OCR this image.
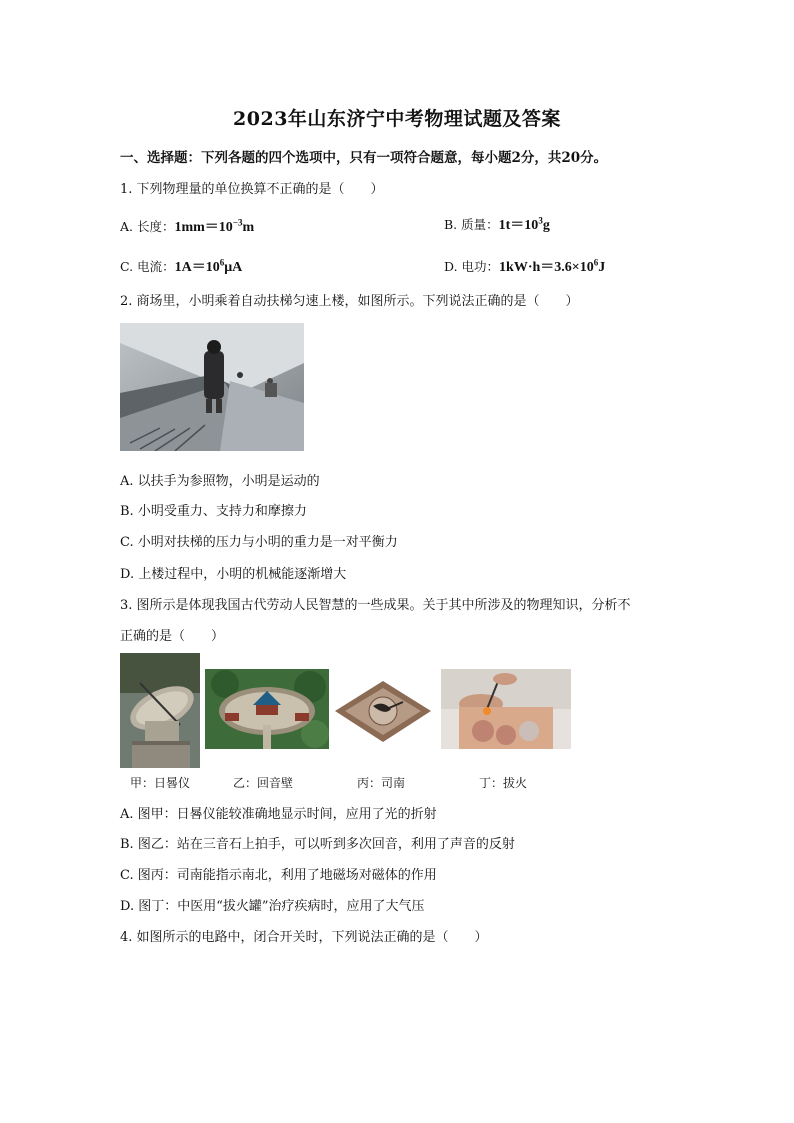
2023年山东济宁中考物理试题及答案
一、选择题：下列各题的四个选项中，只有一项符合题意，每小题2分，共20分。
1. 下列物理量的单位换算不正确的是（　　）
A. 长度：$1mm=10^{-3}m$	B. 质量：$1t=10^3g$
C. 电流：$1A=10^6\mu A$	D. 电功：$1kW\cdot h=3.6\times 10^6J$
2. 商场里，小明乘着自动扶梯匀速上楼，如图所示。下列说法正确的是（　　）
A. 以扶手为参照物，小明是运动的
B. 小明受重力、支持力和摩擦力
C. 小明对扶梯的压力与小明的重力是一对平衡力
D. 上楼过程中，小明的机械能逐渐增大
3. 图所示是体现我国古代劳动人民智慧的一些成果。关于其中所涉及的物理知识，分析不
正确的是（　　）
甲：日晷仪	乙：回音壁	丙：司南	丁：拔火
A. 图甲：日晷仪能较准确地显示时间，应用了光的折射
B. 图乙：站在三音石上拍手，可以听到多次回音，利用了声音的反射
C. 图丙：司南能指示南北，利用了地磁场对磁体的作用
D. 图丁：中医用“拔火罐”治疗疾病时，应用了大气压
4. 如图所示的电路中，闭合开关时，下列说法正确的是（　　）
